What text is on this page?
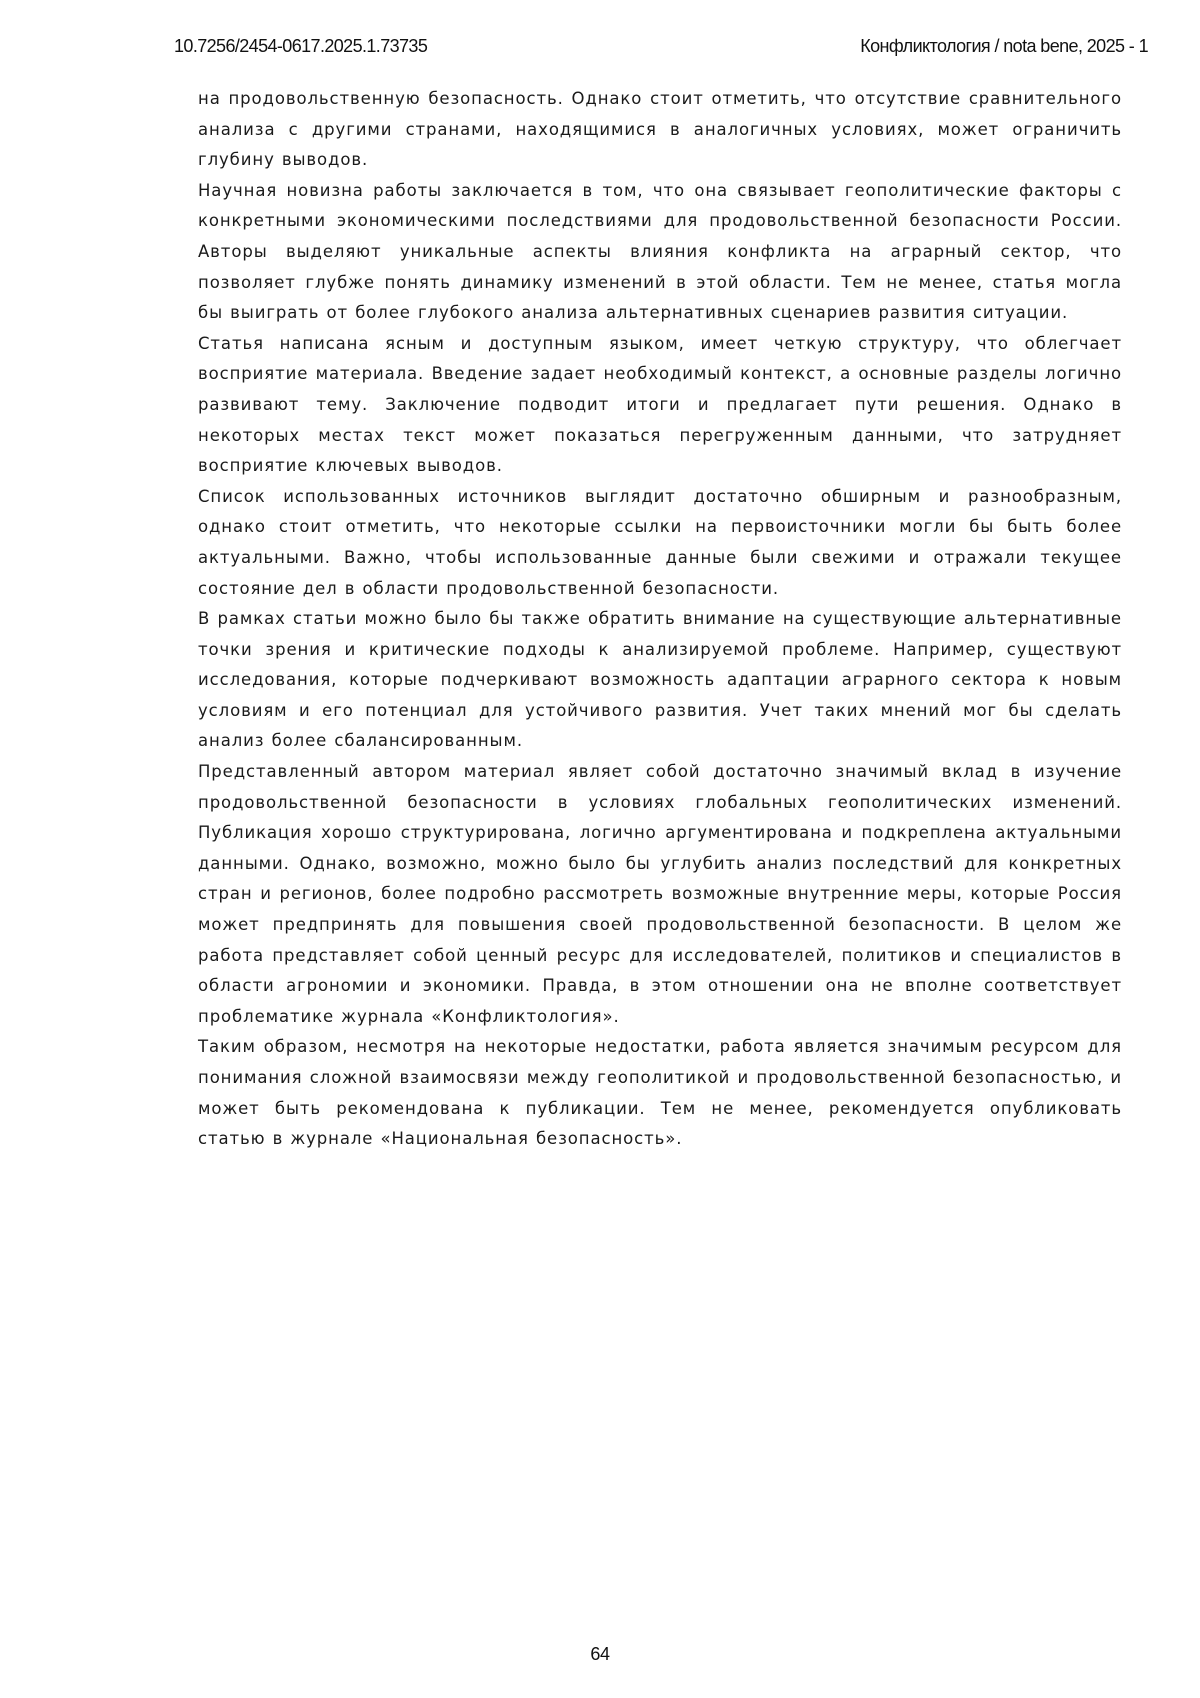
10.7256/2454-0617.2025.1.73735	Конфликтология / nota bene, 2025 - 1

на продовольственную безопасность. Однако стоит отметить, что отсутствие сравнительного анализа с другими странами, находящимися в аналогичных условиях, может ограничить глубину выводов.

Научная новизна работы заключается в том, что она связывает геополитические факторы с конкретными экономическими последствиями для продовольственной безопасности России. Авторы выделяют уникальные аспекты влияния конфликта на аграрный сектор, что позволяет глубже понять динамику изменений в этой области. Тем не менее, статья могла бы выиграть от более глубокого анализа альтернативных сценариев развития ситуации.

Статья написана ясным и доступным языком, имеет четкую структуру, что облегчает восприятие материала. Введение задает необходимый контекст, а основные разделы логично развивают тему. Заключение подводит итоги и предлагает пути решения. Однако в некоторых местах текст может показаться перегруженным данными, что затрудняет восприятие ключевых выводов.

Список использованных источников выглядит достаточно обширным и разнообразным, однако стоит отметить, что некоторые ссылки на первоисточники могли бы быть более актуальными. Важно, чтобы использованные данные были свежими и отражали текущее состояние дел в области продовольственной безопасности.

В рамках статьи можно было бы также обратить внимание на существующие альтернативные точки зрения и критические подходы к анализируемой проблеме. Например, существуют исследования, которые подчеркивают возможность адаптации аграрного сектора к новым условиям и его потенциал для устойчивого развития. Учет таких мнений мог бы сделать анализ более сбалансированным.

Представленный автором материал являет собой достаточно значимый вклад в изучение продовольственной безопасности в условиях глобальных геополитических изменений. Публикация хорошо структурирована, логично аргументирована и подкреплена актуальными данными. Однако, возможно, можно было бы углубить анализ последствий для конкретных стран и регионов, более подробно рассмотреть возможные внутренние меры, которые Россия может предпринять для повышения своей продовольственной безопасности. В целом же работа представляет собой ценный ресурс для исследователей, политиков и специалистов в области агрономии и экономики. Правда, в этом отношении она не вполне соответствует проблематике журнала «Конфликтология».

Таким образом, несмотря на некоторые недостатки, работа является значимым ресурсом для понимания сложной взаимосвязи между геополитикой и продовольственной безопасностью, и может быть рекомендована к публикации. Тем не менее, рекомендуется опубликовать статью в журнале «Национальная безопасность».

64
